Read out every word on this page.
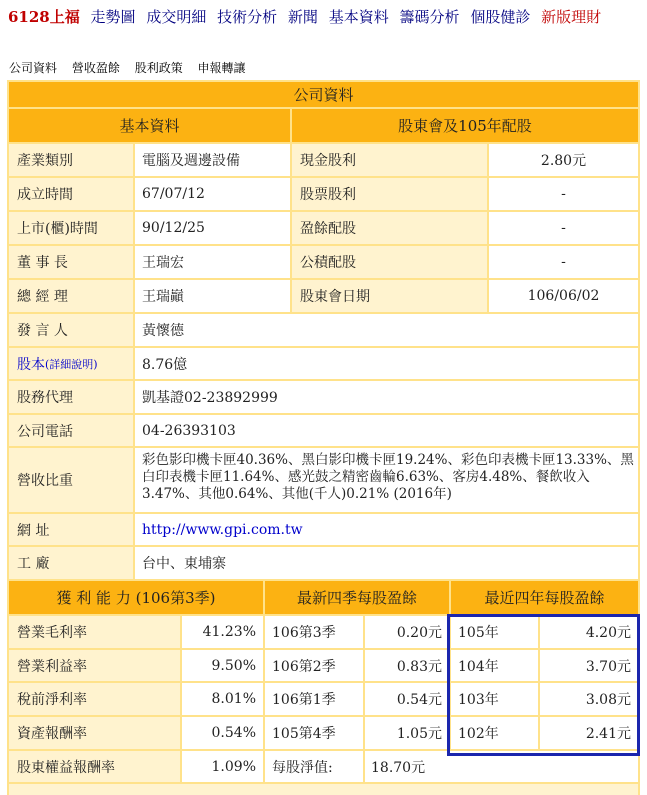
6128上福 走勢圖 成交明細 技術分析 新聞 基本資料 籌碼分析 個股健診 新版理財
公司資料 營收盈餘 股利政策 申報轉讓
公司資料
基本資料	股東會及105年配股
產業類別	電腦及週邊設備	現金股利	2.80元
成立時間	67/07/12	股票股利	-
上市(櫃)時間	90/12/25	盈餘配股	-
董 事 長	王瑞宏	公積配股	-
總 經 理	王瑞巓	股東會日期	106/06/02
發 言 人	黃懷德
股本 (詳細說明)	8.76億
股務代理	凱基證02-23892999
公司電話	04-26393103
營收比重
彩色影印機卡匣40.36%、黑白影印機卡匣19.24%、彩色印表機卡匣13.33%、黑白印表機卡匣11.64%、感光鼓之精密齒輪6.63%、客房4.48%、餐飲收入3.47%、其他0.64%、其他(千人)0.21% (2016年)
網 址	http://www.gpi.com.tw
工 廠	台中、東埔寨
獲 利 能 力 (106第3季)	最新四季每股盈餘	最近四年每股盈餘
營業毛利率	41.23%	106第3季	0.20元	105年	4.20元
營業利益率	9.50%	106第2季	0.83元	104年	3.70元
稅前淨利率	8.01%	106第1季	0.54元	103年	3.08元
資產報酬率	0.54%	105第4季	1.05元	102年	2.41元
股東權益報酬率	1.09%	每股淨值:	18.70元
